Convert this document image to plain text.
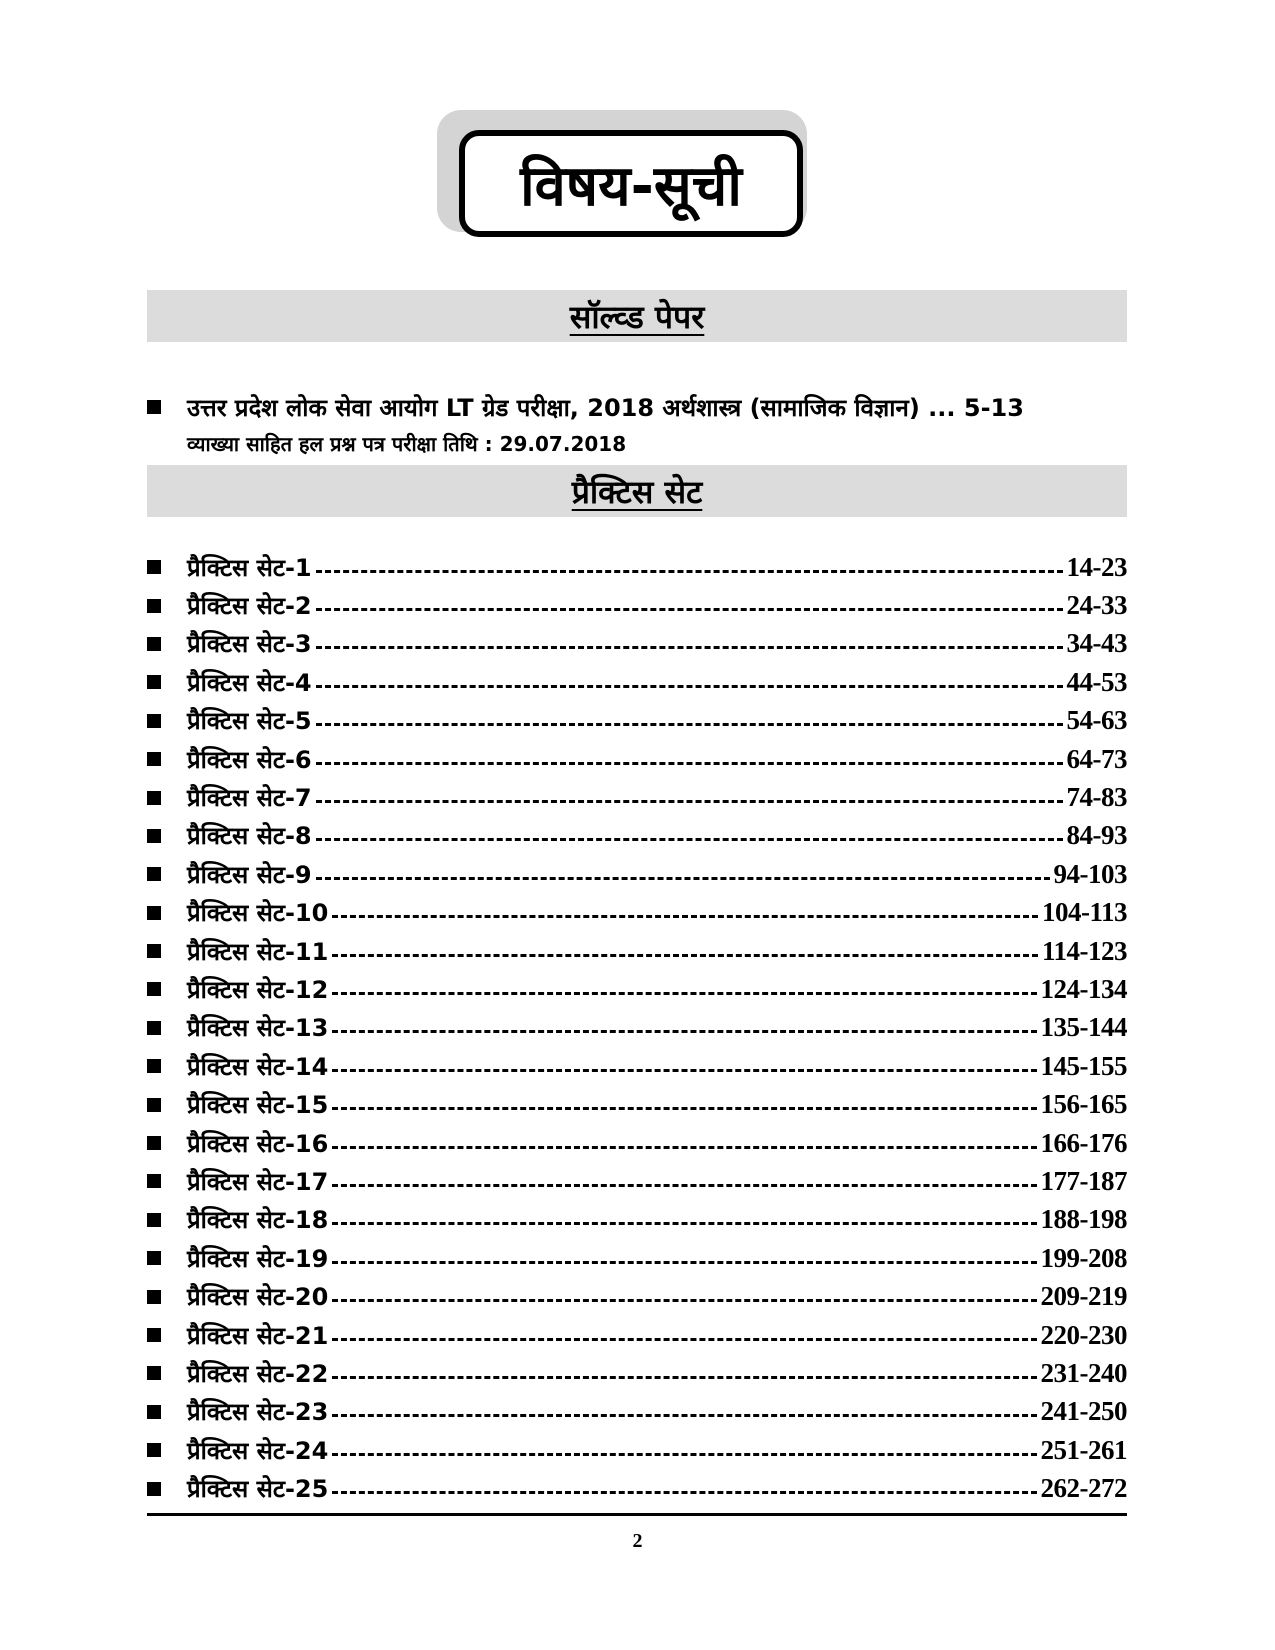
विषय-सूची
सॉल्व्ड पेपर
उत्तर प्रदेश लोक सेवा आयोग LT ग्रेड परीक्षा, 2018 अर्थशास्त्र (सामाजिक विज्ञान) ... 5-13
व्याख्या साहित हल प्रश्न पत्र परीक्षा तिथि : 29.07.2018
प्रैक्टिस सेट
प्रैक्टिस सेट-1	14-23
प्रैक्टिस सेट-2	24-33
प्रैक्टिस सेट-3	34-43
प्रैक्टिस सेट-4	44-53
प्रैक्टिस सेट-5	54-63
प्रैक्टिस सेट-6	64-73
प्रैक्टिस सेट-7	74-83
प्रैक्टिस सेट-8	84-93
प्रैक्टिस सेट-9	94-103
प्रैक्टिस सेट-10	104-113
प्रैक्टिस सेट-11	114-123
प्रैक्टिस सेट-12	124-134
प्रैक्टिस सेट-13	135-144
प्रैक्टिस सेट-14	145-155
प्रैक्टिस सेट-15	156-165
प्रैक्टिस सेट-16	166-176
प्रैक्टिस सेट-17	177-187
प्रैक्टिस सेट-18	188-198
प्रैक्टिस सेट-19	199-208
प्रैक्टिस सेट-20	209-219
प्रैक्टिस सेट-21	220-230
प्रैक्टिस सेट-22	231-240
प्रैक्टिस सेट-23	241-250
प्रैक्टिस सेट-24	251-261
प्रैक्टिस सेट-25	262-272
2
